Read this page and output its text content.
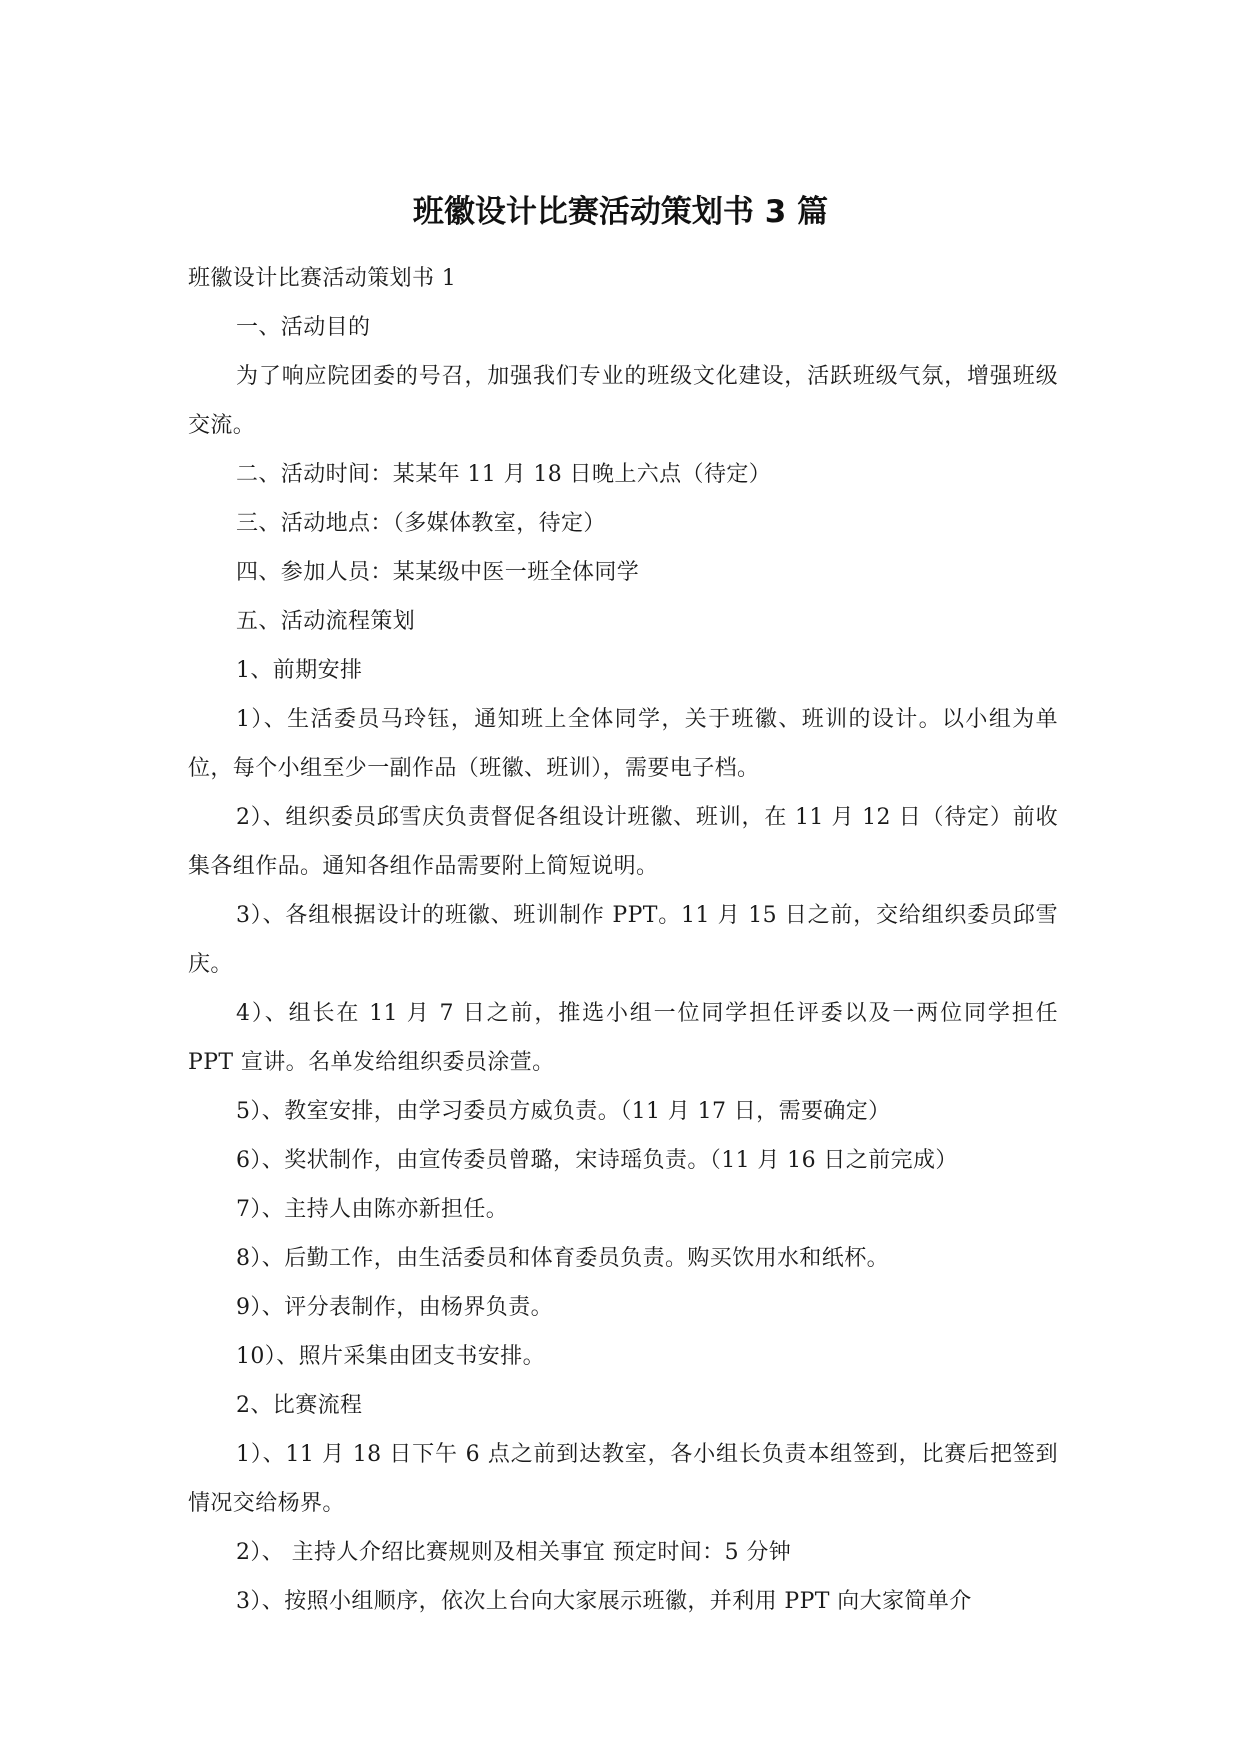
班徽设计比赛活动策划书 3 篇

班徽设计比赛活动策划书 1

一、活动目的

为了响应院团委的号召，加强我们专业的班级文化建设，活跃班级气氛，增强班级交流。

二、活动时间：某某年 11 月 18 日晚上六点（待定）

三、活动地点：（多媒体教室，待定）

四、参加人员：某某级中医一班全体同学

五、活动流程策划

1、前期安排

1）、生活委员马玲钰，通知班上全体同学，关于班徽、班训的设计。以小组为单位，每个小组至少一副作品（班徽、班训），需要电子档。

2）、组织委员邱雪庆负责督促各组设计班徽、班训，在 11 月 12 日（待定）前收集各组作品。通知各组作品需要附上简短说明。

3）、各组根据设计的班徽、班训制作 PPT。11 月 15 日之前，交给组织委员邱雪庆。

4）、组长在 11 月 7 日之前，推选小组一位同学担任评委以及一两位同学担任 PPT 宣讲。名单发给组织委员涂萱。

5）、教室安排，由学习委员方威负责。（11 月 17 日，需要确定）

6）、奖状制作，由宣传委员曾璐，宋诗瑶负责。（11 月 16 日之前完成）

7）、主持人由陈亦新担任。

8）、后勤工作，由生活委员和体育委员负责。购买饮用水和纸杯。

9）、评分表制作，由杨界负责。

10）、照片采集由团支书安排。

2、比赛流程

1）、11 月 18 日下午 6 点之前到达教室，各小组长负责本组签到，比赛后把签到情况交给杨界。

2）、 主持人介绍比赛规则及相关事宜 预定时间：5 分钟

3）、按照小组顺序，依次上台向大家展示班徽，并利用 PPT 向大家简单介
